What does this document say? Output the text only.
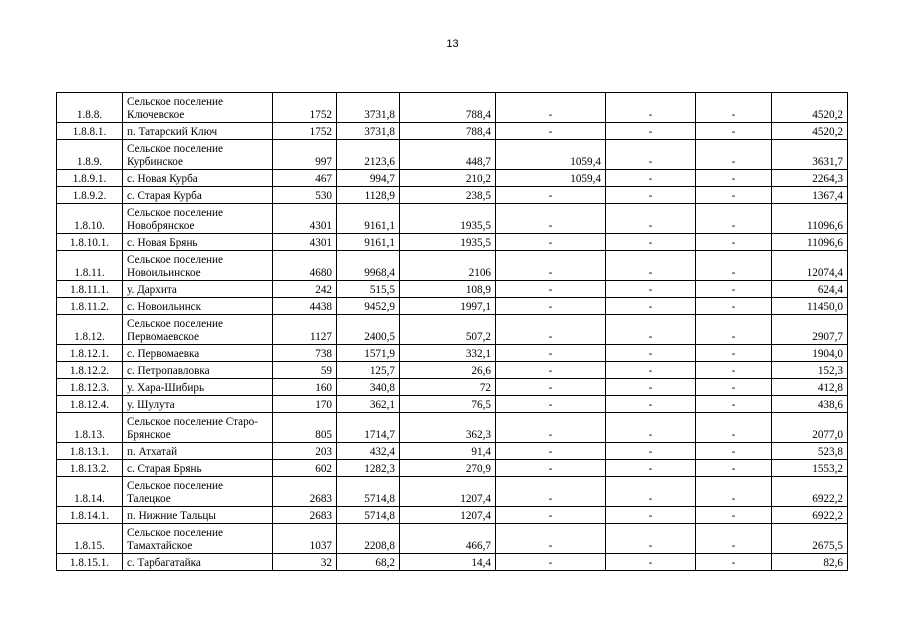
13
1.8.8.	Сельское поселение Ключевское	1752	3731,8	788,4	-	-	-	4520,2
1.8.8.1.	п. Татарский Ключ	1752	3731,8	788,4	-	-	-	4520,2
1.8.9.	Сельское поселение Курбинское	997	2123,6	448,7	1059,4	-	-	3631,7
1.8.9.1.	с. Новая Курба	467	994,7	210,2	1059,4	-	-	2264,3
1.8.9.2.	с. Старая Курба	530	1128,9	238,5	-	-	-	1367,4
1.8.10.	Сельское поселение Новобрянское	4301	9161,1	1935,5	-	-	-	11096,6
1.8.10.1.	с. Новая Брянь	4301	9161,1	1935,5	-	-	-	11096,6
1.8.11.	Сельское поселение Новоильинское	4680	9968,4	2106	-	-	-	12074,4
1.8.11.1.	у. Дархита	242	515,5	108,9	-	-	-	624,4
1.8.11.2.	с. Новоильинск	4438	9452,9	1997,1	-	-	-	11450,0
1.8.12.	Сельское поселение Первомаевское	1127	2400,5	507,2	-	-	-	2907,7
1.8.12.1.	с. Первомаевка	738	1571,9	332,1	-	-	-	1904,0
1.8.12.2.	с. Петропавловка	59	125,7	26,6	-	-	-	152,3
1.8.12.3.	у. Хара-Шибирь	160	340,8	72	-	-	-	412,8
1.8.12.4.	у. Шулута	170	362,1	76,5	-	-	-	438,6
1.8.13.	Сельское поселение Старо-Брянское	805	1714,7	362,3	-	-	-	2077,0
1.8.13.1.	п. Атхатай	203	432,4	91,4	-	-	-	523,8
1.8.13.2.	с. Старая Брянь	602	1282,3	270,9	-	-	-	1553,2
1.8.14.	Сельское поселение Талецкое	2683	5714,8	1207,4	-	-	-	6922,2
1.8.14.1.	п. Нижние Тальцы	2683	5714,8	1207,4	-	-	-	6922,2
1.8.15.	Сельское поселение Тамахтайское	1037	2208,8	466,7	-	-	-	2675,5
1.8.15.1.	с. Тарбагатайка	32	68,2	14,4	-	-	-	82,6
